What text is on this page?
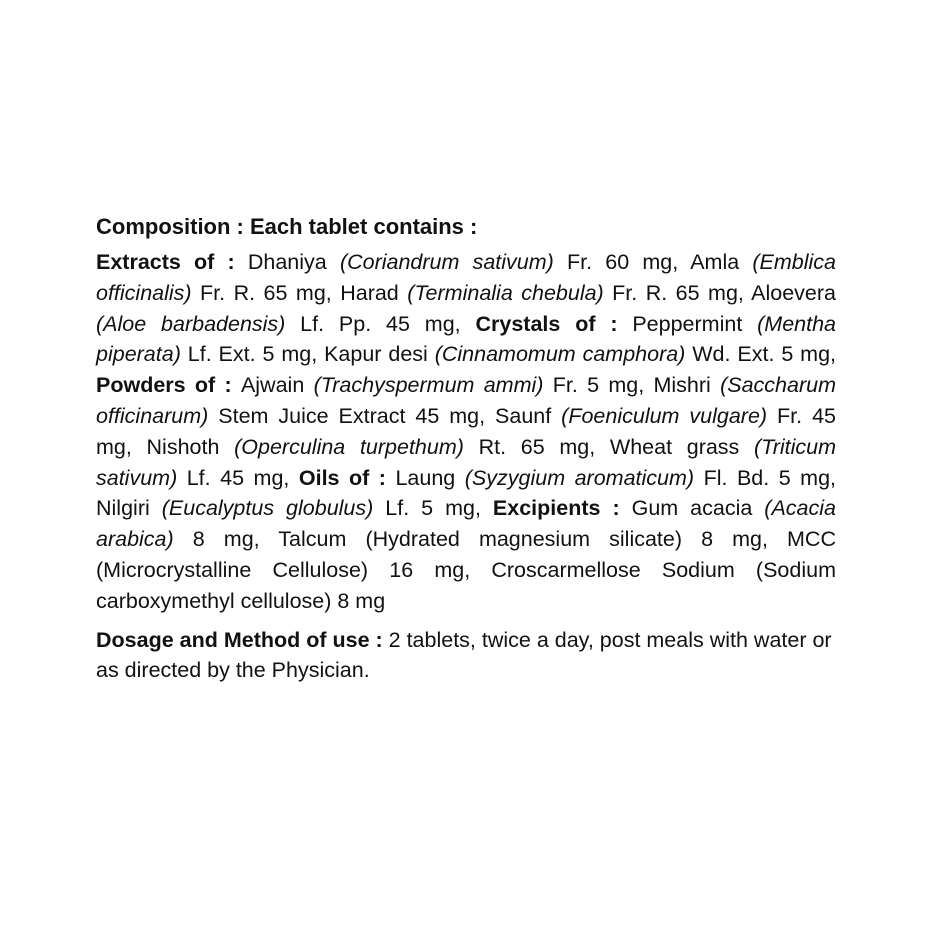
Composition : Each tablet contains :

Extracts of : Dhaniya (Coriandrum sativum) Fr. 60 mg, Amla (Emblica officinalis) Fr. R. 65 mg, Harad (Terminalia chebula) Fr. R. 65 mg, Aloevera (Aloe barbadensis) Lf. Pp. 45 mg, Crystals of : Peppermint (Mentha piperata) Lf. Ext. 5 mg, Kapur desi (Cinnamomum camphora) Wd. Ext. 5 mg, Powders of : Ajwain (Trachyspermum ammi) Fr. 5 mg, Mishri (Saccharum officinarum) Stem Juice Extract 45 mg, Saunf (Foeniculum vulgare) Fr. 45 mg, Nishoth (Operculina turpethum) Rt. 65 mg, Wheat grass (Triticum sativum) Lf. 45 mg, Oils of : Laung (Syzygium aromaticum) Fl. Bd. 5 mg, Nilgiri (Eucalyptus globulus) Lf. 5 mg, Excipients : Gum acacia (Acacia arabica) 8 mg, Talcum (Hydrated magnesium silicate) 8 mg, MCC (Microcrystalline Cellulose) 16 mg, Croscarmellose Sodium (Sodium carboxymethyl cellulose) 8 mg

Dosage and Method of use : 2 tablets, twice a day, post meals with water or as directed by the Physician.
